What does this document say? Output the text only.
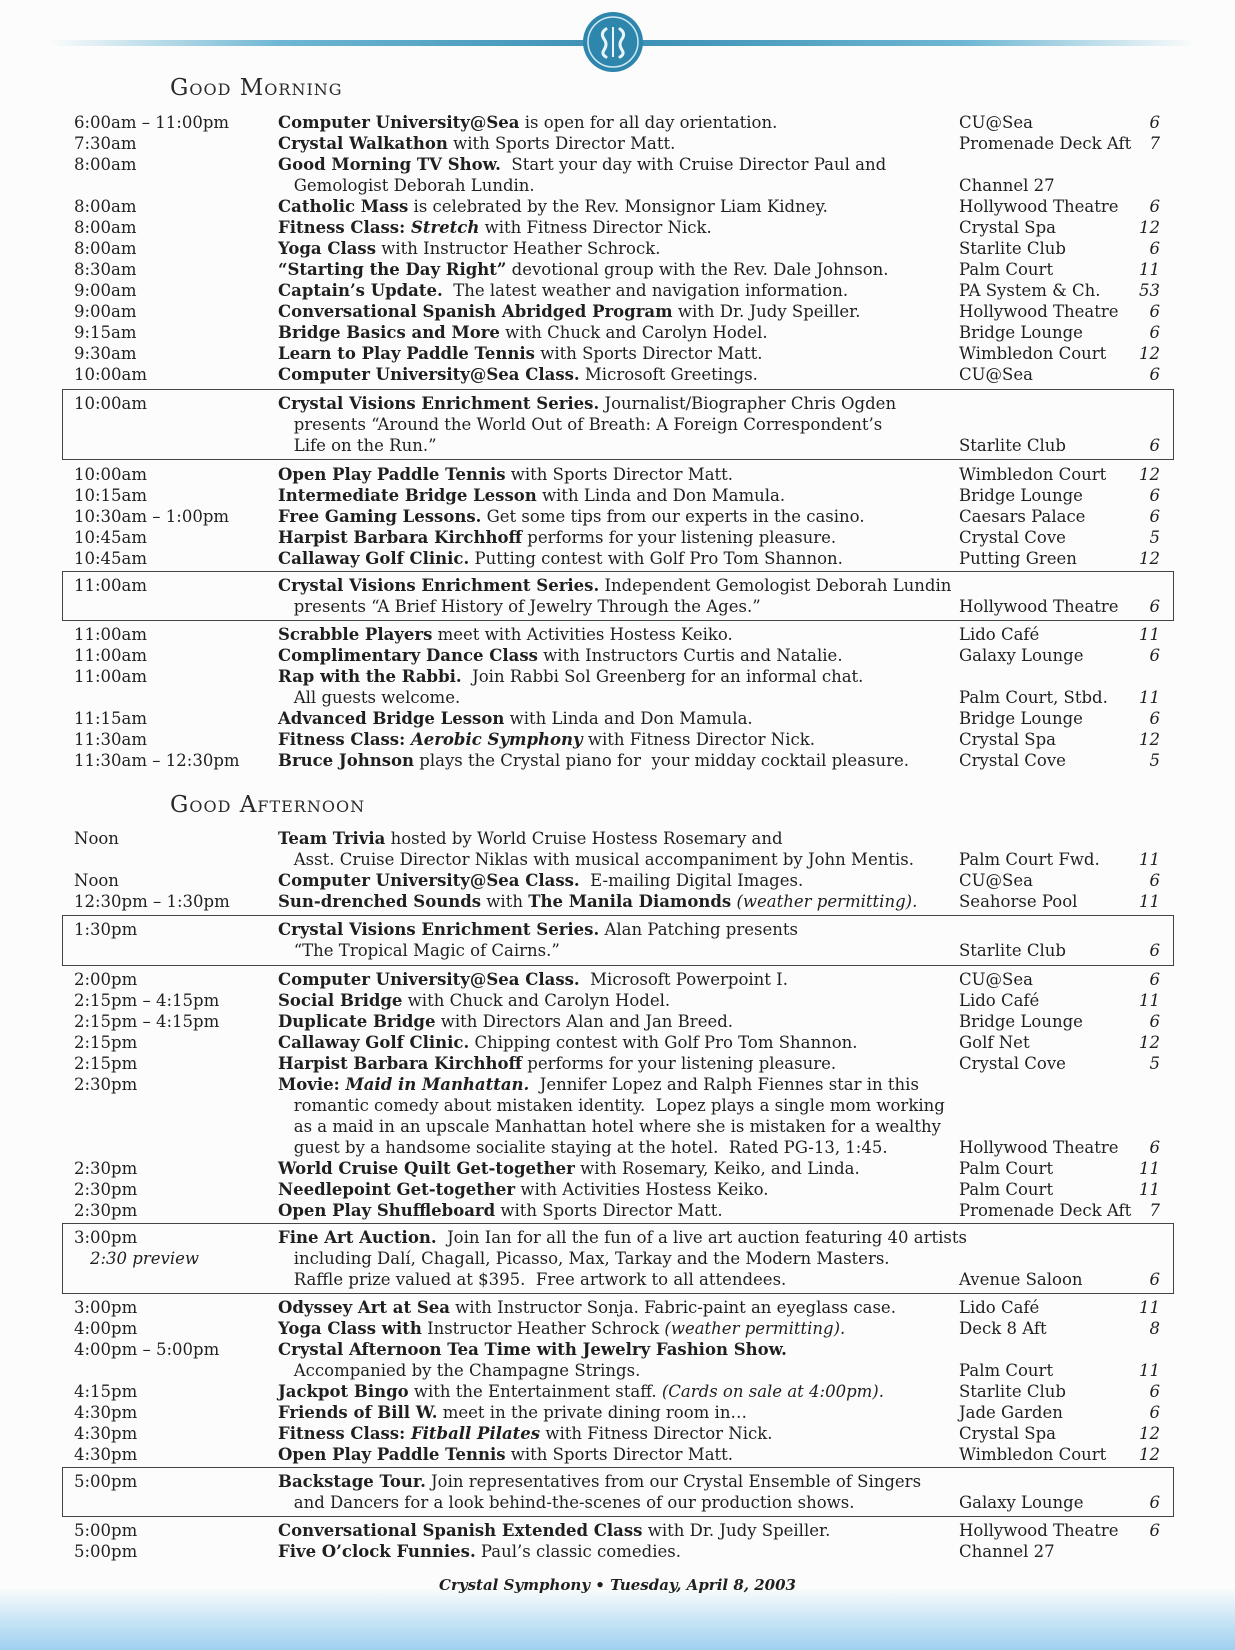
Good Morning
Good Afternoon
6:00am – 11:00pm	Computer University@Sea is open for all day orientation.	CU@Sea	6
7:30am	Crystal Walkathon with Sports Director Matt.	Promenade Deck Aft 7
8:00am	Good Morning TV Show.  Start your day with Cruise Director Paul and
Gemologist Deborah Lundin.	Channel 27
8:00am	Catholic Mass is celebrated by the Rev. Monsignor Liam Kidney.	Hollywood Theatre 6
8:00am	Fitness Class: Stretch with Fitness Director Nick.	Crystal Spa	12
8:00am	Yoga Class with Instructor Heather Schrock.	Starlite Club	6
8:30am	“Starting the Day Right” devotional group with the Rev. Dale Johnson.	Palm Court	11
9:00am	Captain’s Update.  The latest weather and navigation information.	PA System & Ch. 53
9:00am	Conversational Spanish Abridged Program with Dr. Judy Speiller.	Hollywood Theatre 6
9:15am	Bridge Basics and More with Chuck and Carolyn Hodel.	Bridge Lounge	6
9:30am	Learn to Play Paddle Tennis with Sports Director Matt.	Wimbledon Court 12
10:00am	Computer University@Sea Class. Microsoft Greetings.	CU@Sea	6
10:00am	Crystal Visions Enrichment Series. Journalist/Biographer Chris Ogden
presents “Around the World Out of Breath: A Foreign Correspondent’s
Life on the Run.”	Starlite Club	6
10:00am	Open Play Paddle Tennis with Sports Director Matt.	Wimbledon Court 12
10:15am	Intermediate Bridge Lesson with Linda and Don Mamula.	Bridge Lounge	6
10:30am – 1:00pm	Free Gaming Lessons. Get some tips from our experts in the casino.	Caesars Palace	6
10:45am	Harpist Barbara Kirchhoff performs for your listening pleasure.	Crystal Cove	5
10:45am	Callaway Golf Clinic. Putting contest with Golf Pro Tom Shannon.	Putting Green	12
11:00am	Crystal Visions Enrichment Series. Independent Gemologist Deborah Lundin
presents “A Brief History of Jewelry Through the Ages.”	Hollywood Theatre 6
11:00am	Scrabble Players meet with Activities Hostess Keiko.	Lido Café	11
11:00am	Complimentary Dance Class with Instructors Curtis and Natalie.	Galaxy Lounge	6
11:00am	Rap with the Rabbi.  Join Rabbi Sol Greenberg for an informal chat.
All guests welcome.	Palm Court, Stbd. 11
11:15am	Advanced Bridge Lesson with Linda and Don Mamula.	Bridge Lounge	6
11:30am	Fitness Class: Aerobic Symphony with Fitness Director Nick.	Crystal Spa	12
11:30am – 12:30pm Bruce Johnson plays the Crystal piano for  your midday cocktail pleasure.	Crystal Cove	5
Noon	Team Trivia hosted by World Cruise Hostess Rosemary and
Asst. Cruise Director Niklas with musical accompaniment by John Mentis.	Palm Court Fwd. 11
Noon	Computer University@Sea Class.  E-mailing Digital Images.	CU@Sea	6
12:30pm – 1:30pm	Sun-drenched Sounds with The Manila Diamonds (weather permitting).	Seahorse Pool	11
1:30pm	Crystal Visions Enrichment Series. Alan Patching presents
“The Tropical Magic of Cairns.”	Starlite Club	6
2:00pm	Computer University@Sea Class.  Microsoft Powerpoint I.	CU@Sea	6
2:15pm – 4:15pm	Social Bridge with Chuck and Carolyn Hodel.	Lido Café	11
2:15pm – 4:15pm	Duplicate Bridge with Directors Alan and Jan Breed.	Bridge Lounge	6
2:15pm	Callaway Golf Clinic. Chipping contest with Golf Pro Tom Shannon.	Golf Net	12
2:15pm	Harpist Barbara Kirchhoff performs for your listening pleasure.	Crystal Cove	5
2:30pm	Movie: Maid in Manhattan.  Jennifer Lopez and Ralph Fiennes star in this
romantic comedy about mistaken identity.  Lopez plays a single mom working
as a maid in an upscale Manhattan hotel where she is mistaken for a wealthy
guest by a handsome socialite staying at the hotel.  Rated PG-13, 1:45.	Hollywood Theatre 6
2:30pm	World Cruise Quilt Get-together with Rosemary, Keiko, and Linda.	Palm Court	11
2:30pm	Needlepoint Get-together with Activities Hostess Keiko.	Palm Court	11
2:30pm	Open Play Shuffleboard with Sports Director Matt.	Promenade Deck Aft 7
3:00pm	Fine Art Auction.  Join Ian for all the fun of a live art auction featuring 40 artists
2:30 preview	including Dalí, Chagall, Picasso, Max, Tarkay and the Modern Masters.
Raffle prize valued at $395.  Free artwork to all attendees.	Avenue Saloon	6
3:00pm	Odyssey Art at Sea with Instructor Sonja. Fabric-paint an eyeglass case.	Lido Café	11
4:00pm	Yoga Class with Instructor Heather Schrock (weather permitting).	Deck 8 Aft	8
4:00pm – 5:00pm	Crystal Afternoon Tea Time with Jewelry Fashion Show.
Accompanied by the Champagne Strings.	Palm Court	11
4:15pm	Jackpot Bingo with the Entertainment staff. (Cards on sale at 4:00pm).	Starlite Club	6
4:30pm	Friends of Bill W. meet in the private dining room in…	Jade Garden	6
4:30pm	Fitness Class: Fitball Pilates with Fitness Director Nick.	Crystal Spa	12
4:30pm	Open Play Paddle Tennis with Sports Director Matt.	Wimbledon Court 12
5:00pm	Backstage Tour. Join representatives from our Crystal Ensemble of Singers
and Dancers for a look behind-the-scenes of our production shows.	Galaxy Lounge	6
5:00pm	Conversational Spanish Extended Class with Dr. Judy Speiller.	Hollywood Theatre 6
5:00pm	Five O’clock Funnies. Paul’s classic comedies.	Channel 27
Crystal Symphony • Tuesday, April 8, 2003
